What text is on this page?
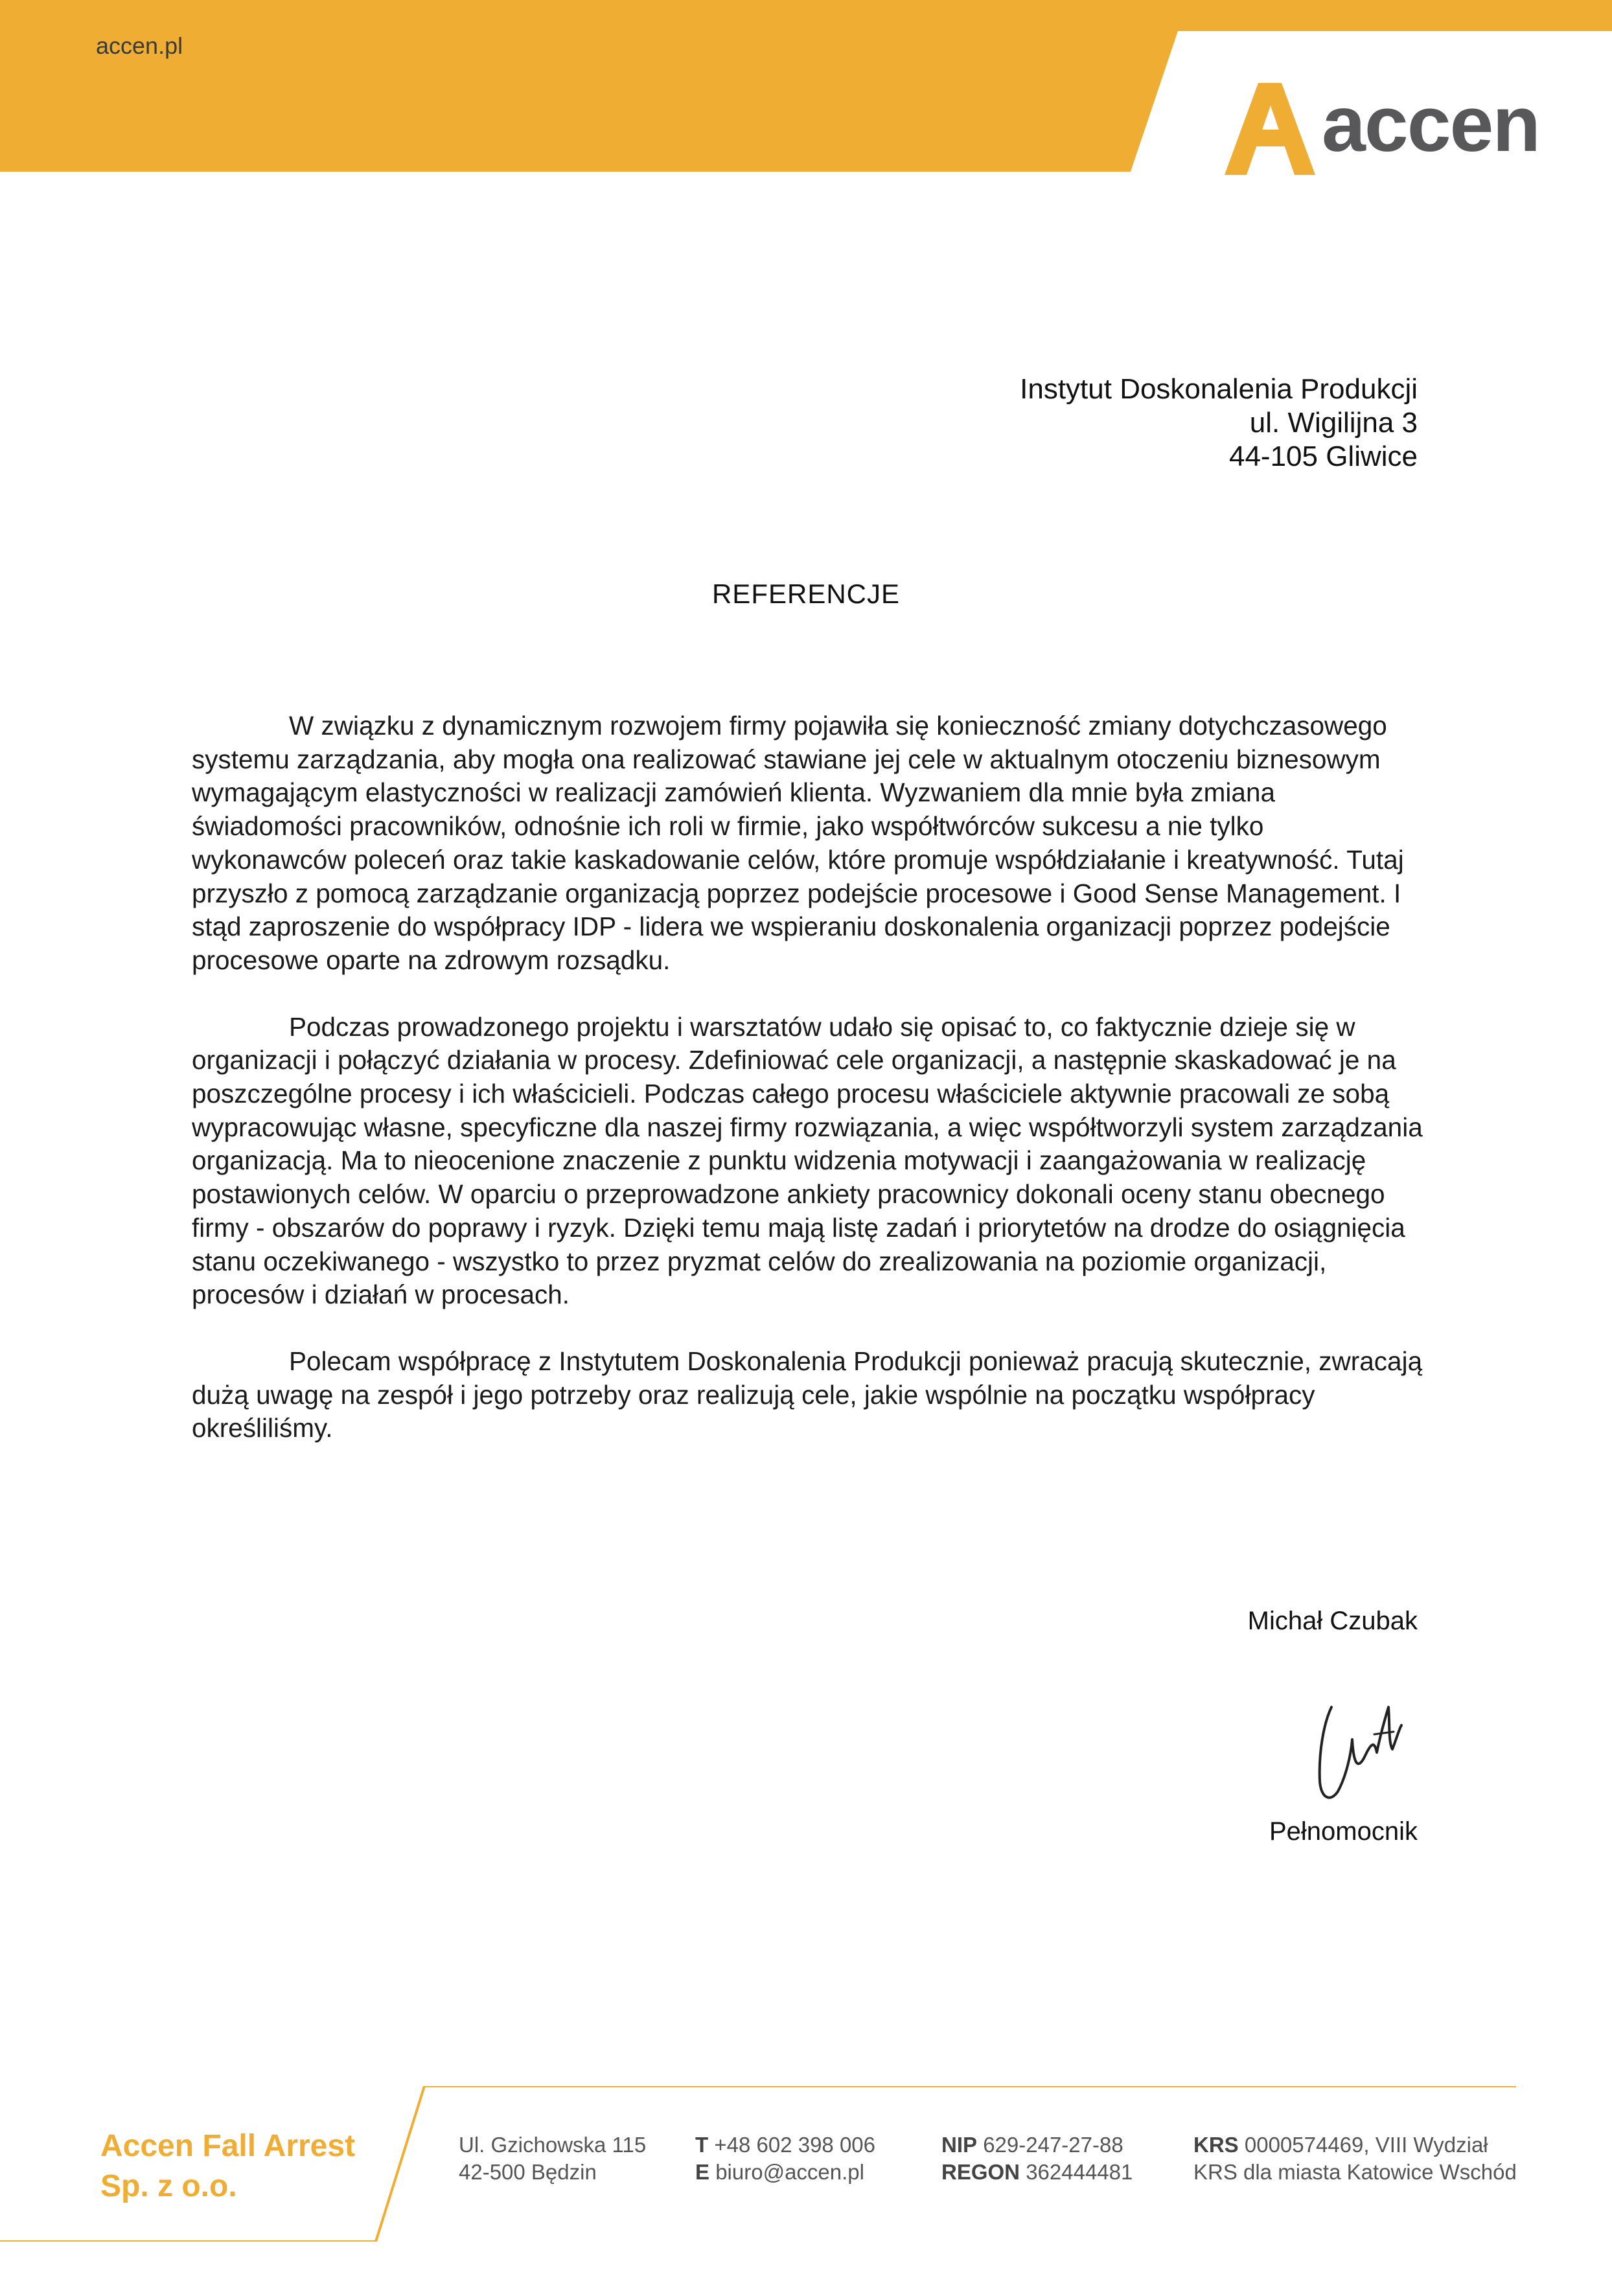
accen.pl
accen
Instytut Doskonalenia Produkcji
ul. Wigilijna 3
44-105 Gliwice
REFERENCJE

W związku z dynamicznym rozwojem firmy pojawiła się konieczność zmiany dotychczasowego systemu zarządzania, aby mogła ona realizować stawiane jej cele w aktualnym otoczeniu biznesowym wymagającym elastyczności w realizacji zamówień klienta. Wyzwaniem dla mnie była zmiana świadomości pracowników, odnośnie ich roli w firmie, jako współtwórców sukcesu a nie tylko wykonawców poleceń oraz takie kaskadowanie celów, które promuje współdziałanie i kreatywność. Tutaj przyszło z pomocą zarządzanie organizacją poprzez podejście procesowe i Good Sense Management. I stąd zaproszenie do współpracy IDP - lidera we wspieraniu doskonalenia organizacji poprzez podejście procesowe oparte na zdrowym rozsądku.

Podczas prowadzonego projektu i warsztatów udało się opisać to, co faktycznie dzieje się w organizacji i połączyć działania w procesy. Zdefiniować cele organizacji, a następnie skaskadować je na poszczególne procesy i ich właścicieli. Podczas całego procesu właściciele aktywnie pracowali ze sobą wypracowując własne, specyficzne dla naszej firmy rozwiązania, a więc współtworzyli system zarządzania organizacją. Ma to nieocenione znaczenie z punktu widzenia motywacji i zaangażowania w realizację postawionych celów. W oparciu o przeprowadzone ankiety pracownicy dokonali oceny stanu obecnego firmy - obszarów do poprawy i ryzyk. Dzięki temu mają listę zadań i priorytetów na drodze do osiągnięcia stanu oczekiwanego - wszystko to przez pryzmat celów do zrealizowania na poziomie organizacji, procesów i działań w procesach.

Polecam współpracę z Instytutem Doskonalenia Produkcji ponieważ pracują skutecznie, zwracają dużą uwagę na zespół i jego potrzeby oraz realizują cele, jakie wspólnie na początku współpracy określiliśmy.

Michał Czubak
Pełnomocnik
Accen Fall Arrest
Sp. z o.o.
Ul. Gzichowska 115
42-500 Będzin
T +48 602 398 006
E biuro@accen.pl
NIP 629-247-27-88
REGON 362444481
KRS 0000574469, VIII Wydział
KRS dla miasta Katowice Wschód
